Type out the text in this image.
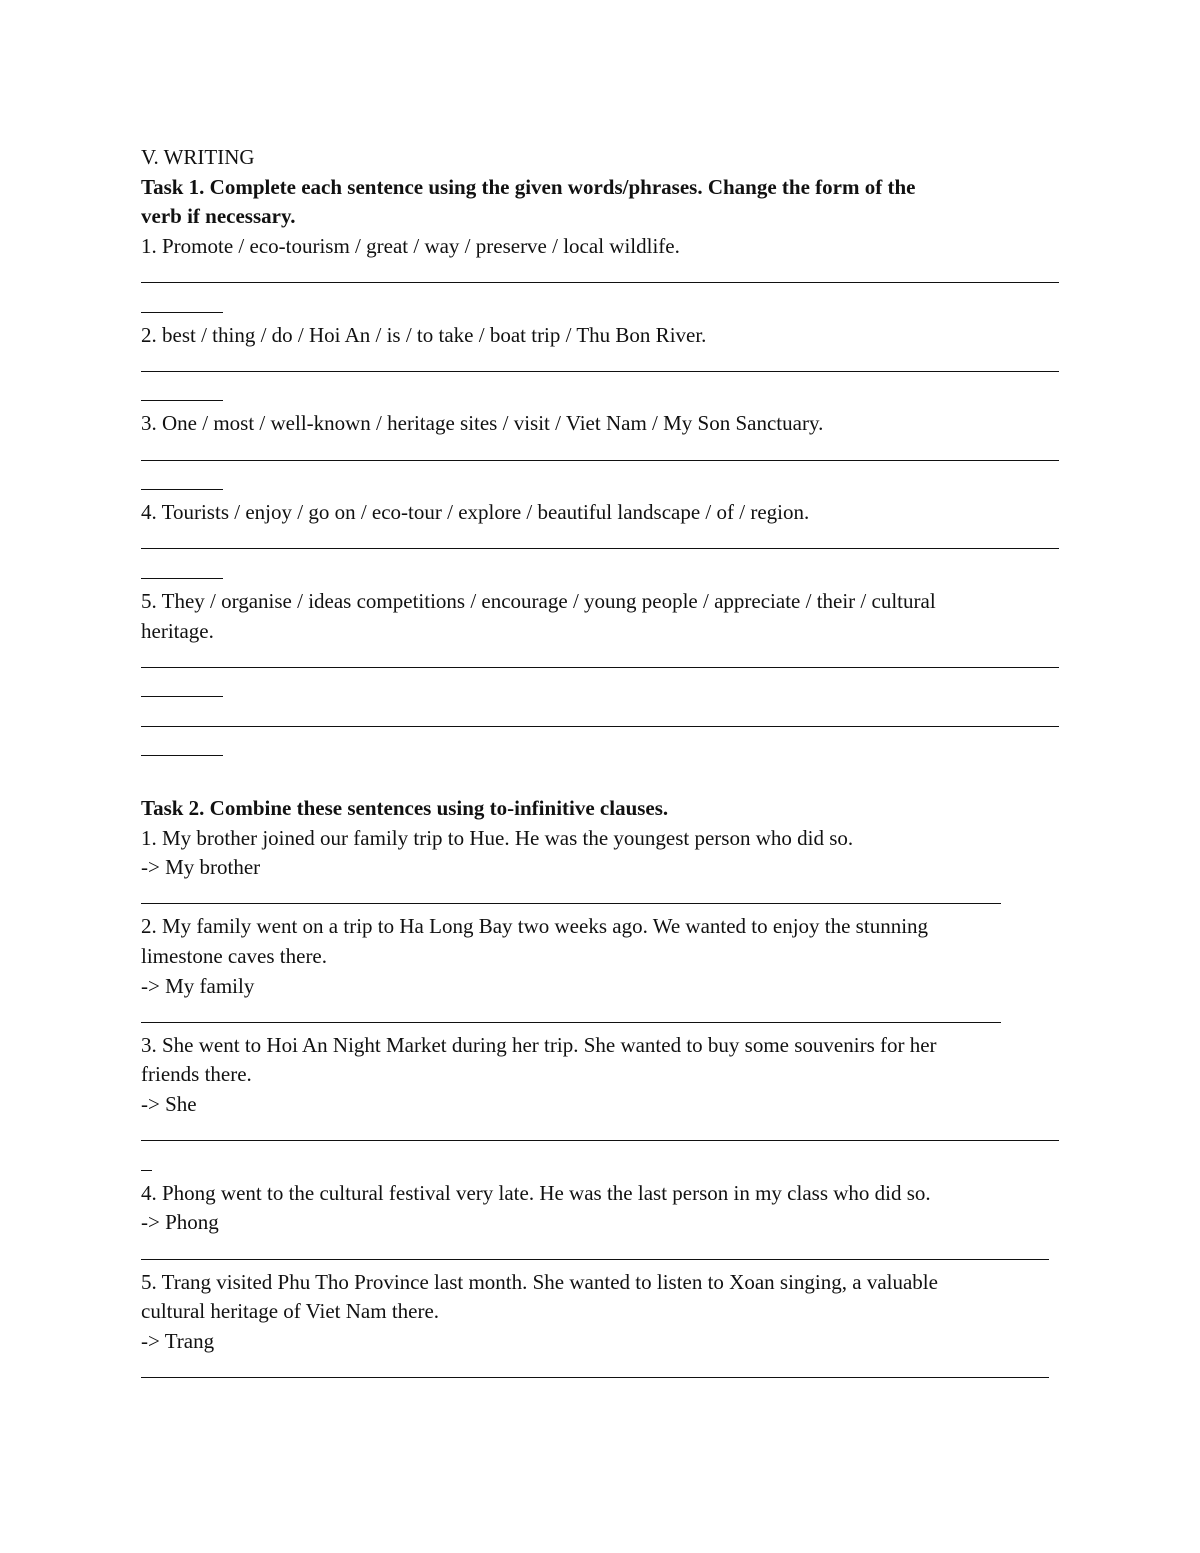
V. WRITING
Task 1. Complete each sentence using the given words/phrases. Change the form of the
verb if necessary.
1. Promote / eco-tourism / great / way / preserve / local wildlife.
2. best / thing / do / Hoi An / is / to take / boat trip / Thu Bon River.
3. One / most / well-known / heritage sites / visit / Viet Nam / My Son Sanctuary.
4. Tourists / enjoy / go on / eco-tour / explore / beautiful landscape / of / region.
5. They / organise / ideas competitions / encourage / young people / appreciate / their / cultural
heritage.
Task 2. Combine these sentences using to-infinitive clauses.
1. My brother joined our family trip to Hue. He was the youngest person who did so.
-> My brother
2. My family went on a trip to Ha Long Bay two weeks ago. We wanted to enjoy the stunning
limestone caves there.
-> My family
3. She went to Hoi An Night Market during her trip. She wanted to buy some souvenirs for her
friends there.
-> She
4. Phong went to the cultural festival very late. He was the last person in my class who did so.
-> Phong
5. Trang visited Phu Tho Province last month. She wanted to listen to Xoan singing, a valuable
cultural heritage of Viet Nam there.
-> Trang
